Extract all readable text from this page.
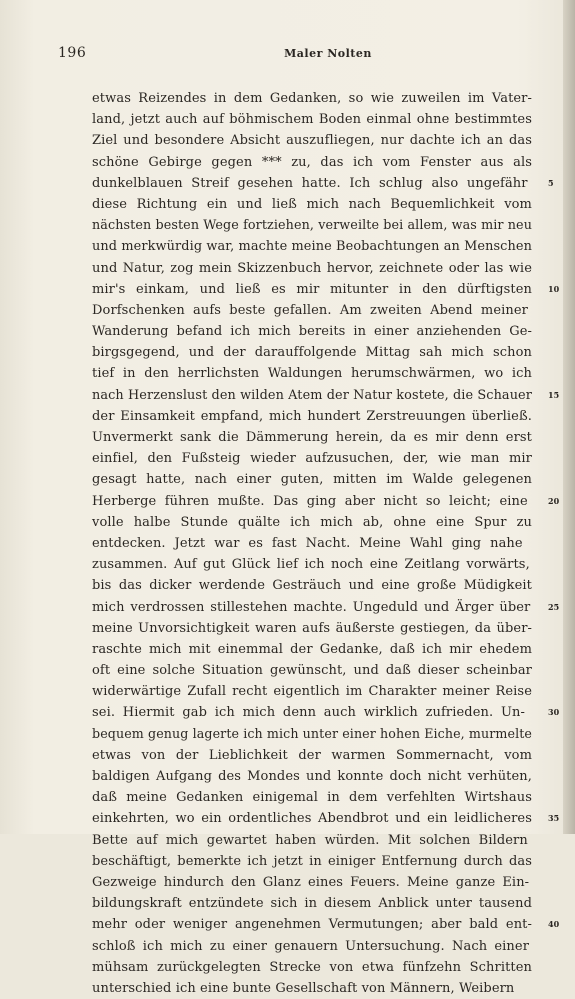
196	Maler Nolten
etwas Reizendes in dem Gedanken, so wie zuweilen im Vater-
land, jetzt auch auf böhmischem Boden einmal ohne bestimmtes
Ziel und besondere Absicht auszufliegen, nur dachte ich an das
schöne Gebirge gegen *** zu, das ich vom Fenster aus als
dunkelblauen Streif gesehen hatte. Ich schlug also ungefähr	5
diese Richtung ein und ließ mich nach Bequemlichkeit vom
nächsten besten Wege fortziehen, verweilte bei allem, was mir neu
und merkwürdig war, machte meine Beobachtungen an Menschen
und Natur, zog mein Skizzenbuch hervor, zeichnete oder las wie
mir's einkam, und ließ es mir mitunter in den dürftigsten 10
Dorfschenken aufs beste gefallen. Am zweiten Abend meiner
Wanderung befand ich mich bereits in einer anziehenden Ge-
birgsgegend, und der darauffolgende Mittag sah mich schon
tief in den herrlichsten Waldungen herumschwärmen, wo ich
nach Herzenslust den wilden Atem der Natur kostete, die Schauer 15
der Einsamkeit empfand, mich hundert Zerstreuungen überließ.
Unvermerkt sank die Dämmerung herein, da es mir denn erst
einfiel, den Fußsteig wieder aufzusuchen, der, wie man mir
gesagt hatte, nach einer guten, mitten im Walde gelegenen
Herberge führen mußte. Das ging aber nicht so leicht; eine	20
volle halbe Stunde quälte ich mich ab, ohne eine Spur zu
entdecken. Jetzt war es fast Nacht. Meine Wahl ging nahe
zusammen. Auf gut Glück lief ich noch eine Zeitlang vorwärts,
bis das dicker werdende Gesträuch und eine große Müdigkeit
mich verdrossen stillestehen machte. Ungeduld und Ärger über 25
meine Unvorsichtigkeit waren aufs äußerste gestiegen, da über-
raschte mich mit einemmal der Gedanke, daß ich mir ehedem
oft eine solche Situation gewünscht, und daß dieser scheinbar
widerwärtige Zufall recht eigentlich im Charakter meiner Reise
sei. Hiermit gab ich mich denn auch wirklich zufrieden. Un-	30
bequem genug lagerte ich mich unter einer hohen Eiche, murmelte
etwas von der Lieblichkeit der warmen Sommernacht, vom
baldigen Aufgang des Mondes und konnte doch nicht verhüten,
daß meine Gedanken einigemal in dem verfehlten Wirtshaus
einkehrten, wo ein ordentliches Abendbrot und ein leidlicheres 35
Bette auf mich gewartet haben würden. Mit solchen Bildern
beschäftigt, bemerkte ich jetzt in einiger Entfernung durch das
Gezweige hindurch den Glanz eines Feuers. Meine ganze Ein-
bildungskraft entzündete sich in diesem Anblick unter tausend
mehr oder weniger angenehmen Vermutungen; aber bald ent- 40
schloß ich mich zu einer genauern Untersuchung. Nach einer
mühsam zurückgelegten Strecke von etwa fünfzehn Schritten
unterschied ich eine bunte Gesellschaft von Männern, Weibern
